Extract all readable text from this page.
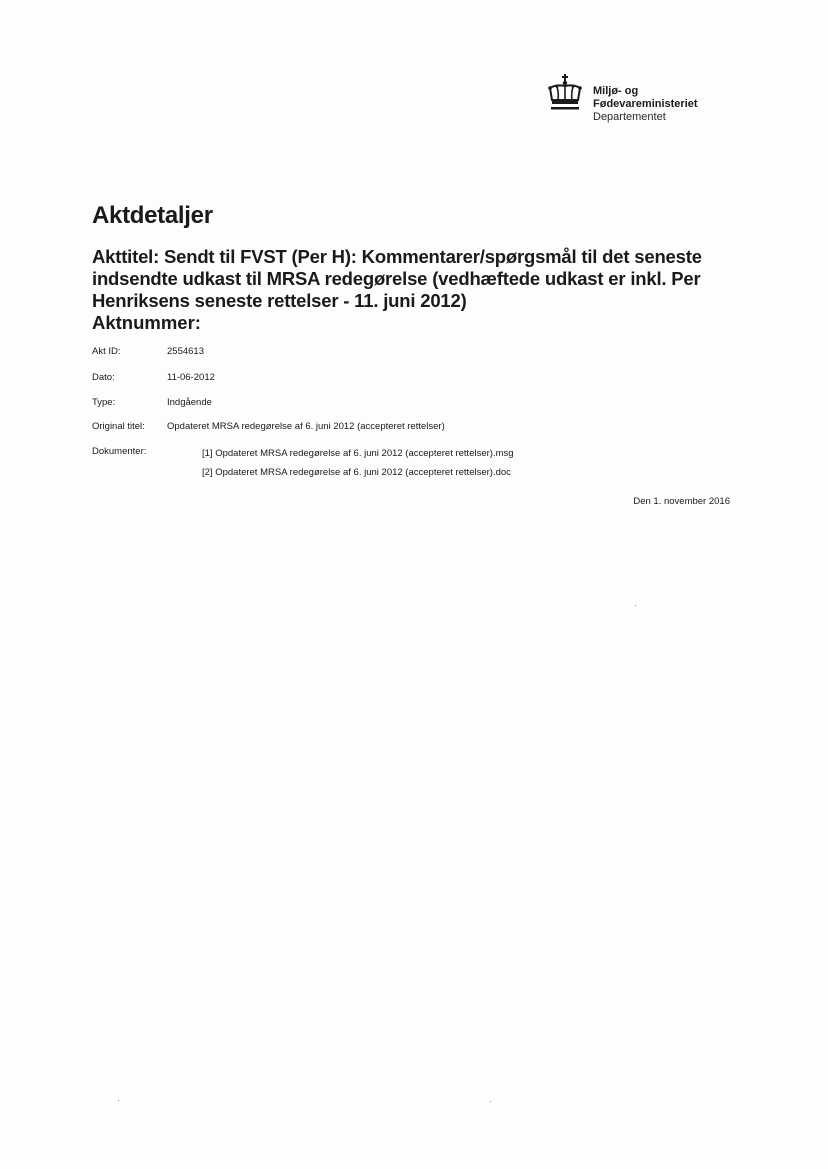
Miljø- og
Fødevareministeriet
Departementet
Aktdetaljer
Akttitel: Sendt til FVST (Per H): Kommentarer/spørgsmål til det seneste indsendte udkast til MRSA redegørelse (vedhæftede udkast er inkl. Per Henriksens seneste rettelser - 11. juni 2012)
Aktnummer:
Akt ID:	2554613
Dato:	11-06-2012
Type:	Indgående
Original titel: Opdateret MRSA redegørelse af 6. juni 2012 (accepteret rettelser)
Dokumenter:	[1] Opdateret MRSA redegørelse af 6. juni 2012 (accepteret rettelser).msg
[2] Opdateret MRSA redegørelse af 6. juni 2012 (accepteret rettelser).doc
Den 1. november 2016
